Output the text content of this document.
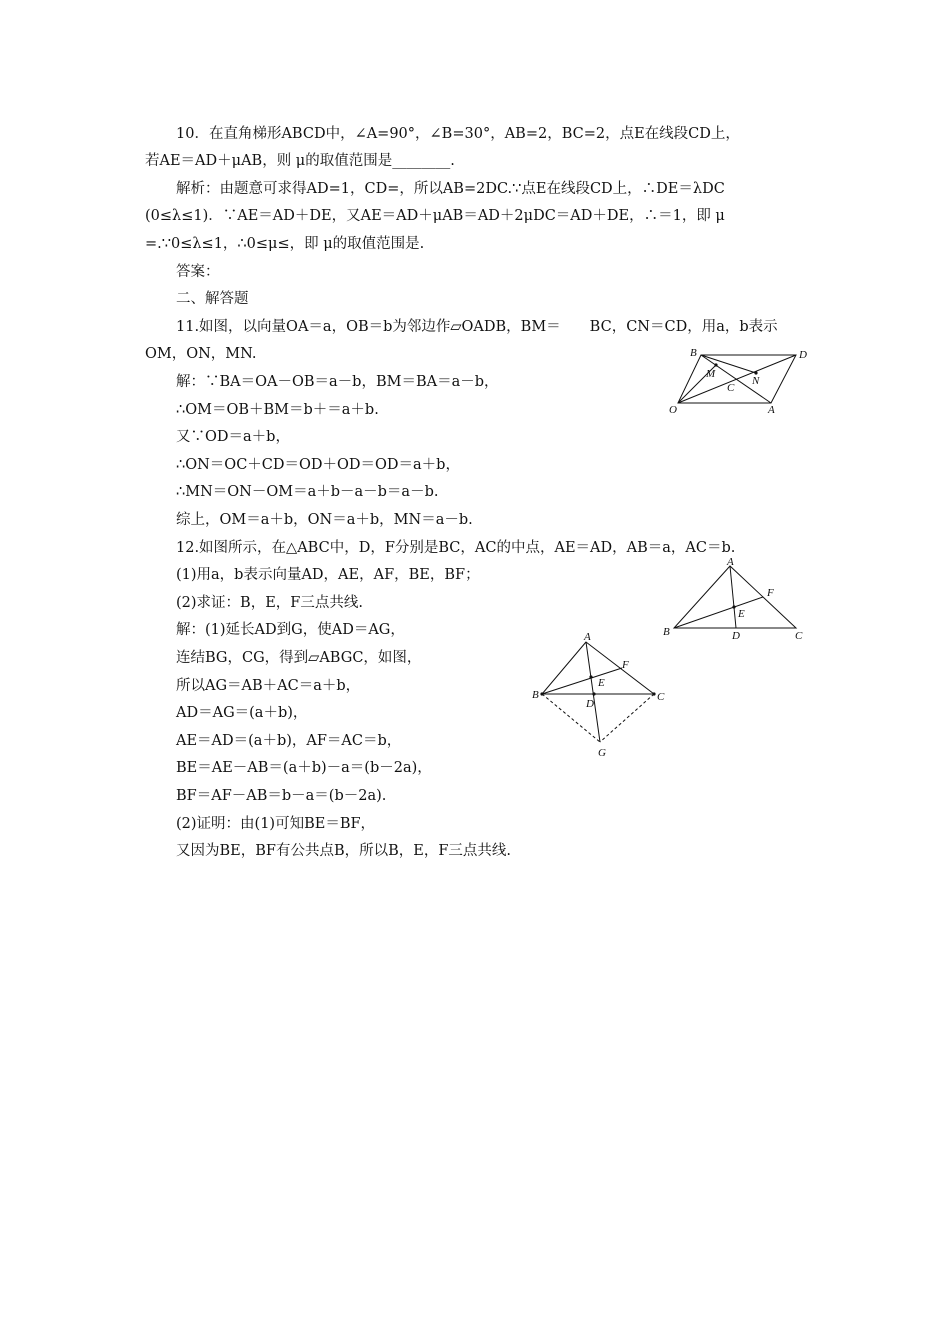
10．在直角梯形ABCD中，∠A=90°，∠B=30°，AB=2，BC=2，点E在线段CD上，
若AE＝AD＋μAB，则 μ的取值范围是________.
解析：由题意可求得AD=1，CD=，所以AB=2DC.∵点E在线段CD上，∴DE＝λDC
(0≤λ≤1)．∵AE＝AD＋DE，又AE＝AD＋μAB＝AD＋2μDC＝AD＋DE，∴＝1，即 μ
=.∵0≤λ≤1，∴0≤μ≤，即 μ的取值范围是.
答案：
二、解答题
11.如图，以向量OA＝a，OB＝b为邻边作▱OADB，BM＝　　BC，CN＝CD，用a，b表示
OM，ON，MN.
解：∵BA＝OA－OB＝a－b，BM＝BA＝a－b，
∴OM＝OB＋BM＝b＋＝a＋b.
又∵OD＝a＋b，
∴ON＝OC＋CD＝OD＋OD＝OD＝a＋b，
∴MN＝ON－OM＝a＋b－a－b＝a－b.
综上，OM＝a＋b，ON＝a＋b，MN＝a－b.
12.如图所示，在△ABC中，D，F分别是BC，AC的中点，AE＝AD，AB＝a，AC＝b.
(1)用a，b表示向量AD，AE，AF，BE，BF；
(2)求证：B，E，F三点共线.
解：(1)延长AD到G，使AD＝AG，
连结BG，CG，得到▱ABGC，如图，
所以AG＝AB＋AC＝a＋b，
AD＝AG＝(a＋b)，
AE＝AD＝(a＋b)，AF＝AC＝b，
BE＝AE－AB＝(a＋b)－a＝(b－2a)，
BF＝AF－AB＝b－a＝(b－2a).
(2)证明：由(1)可知BE＝BF，
又因为BE，BF有公共点B，所以B，E，F三点共线.
B	D
M
N
C
O	A
A
F
E
B	D	C
A
F
E
B
D
C
G
